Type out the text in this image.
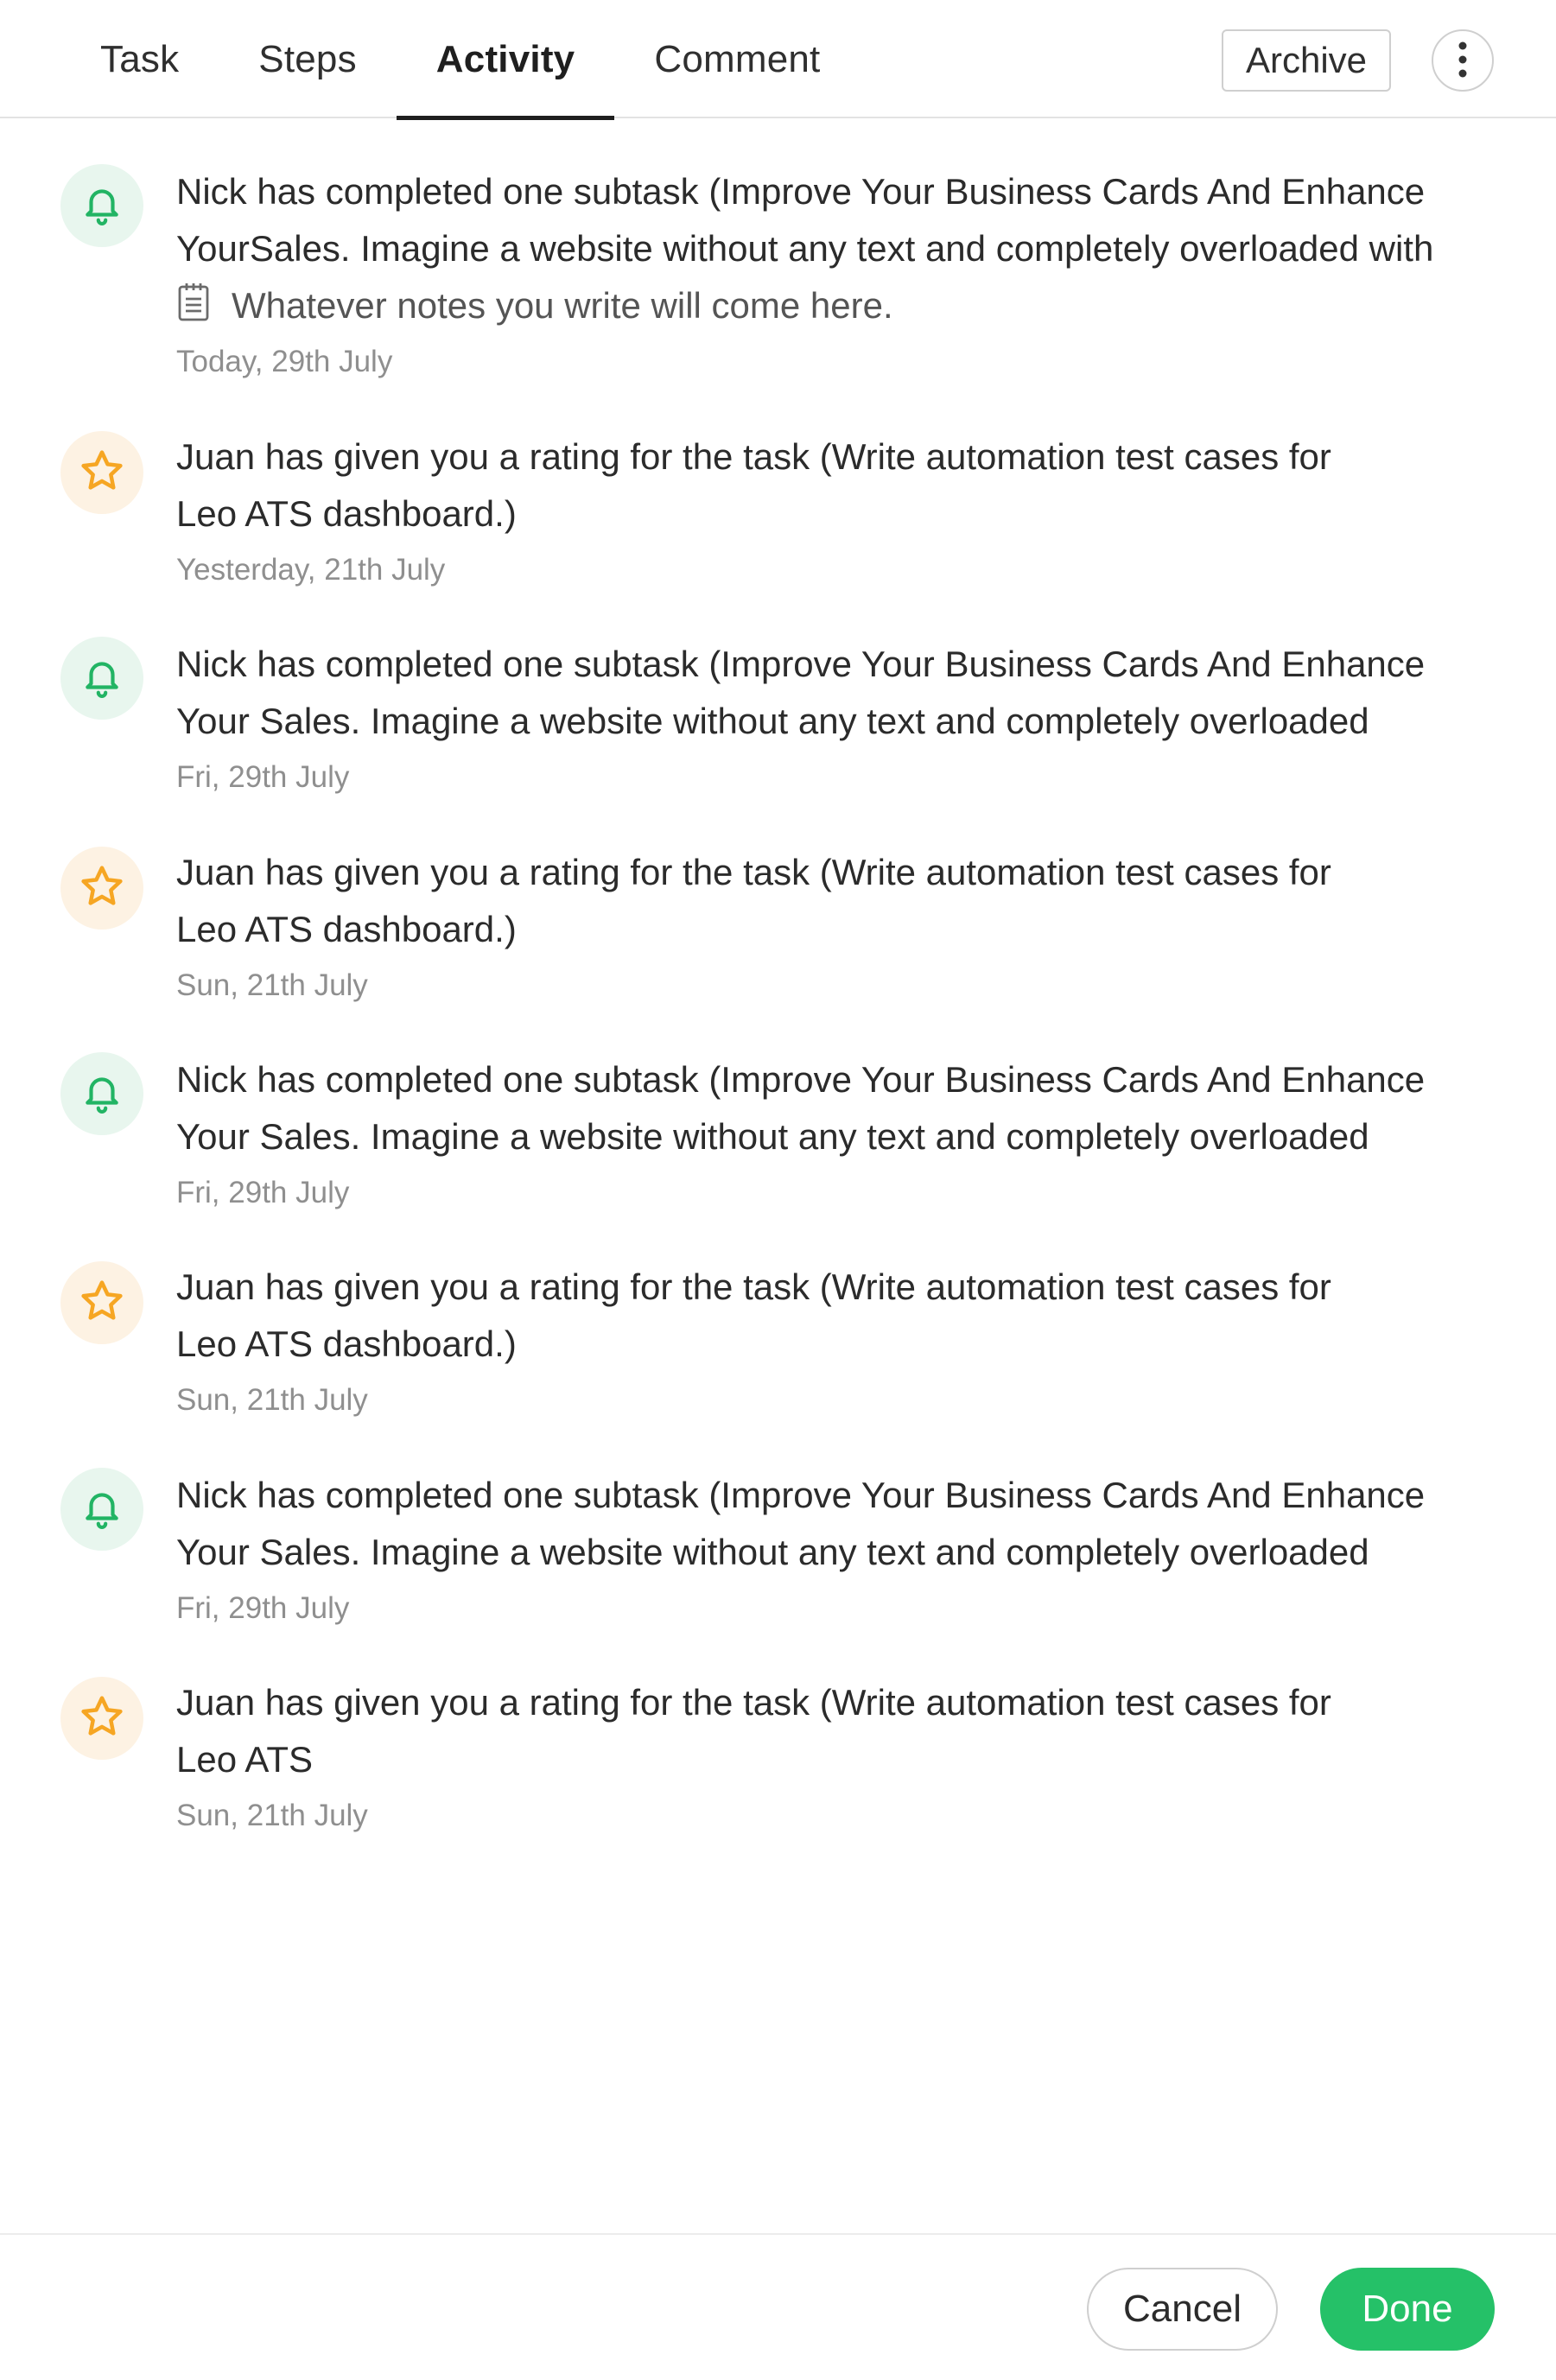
Task	Steps	Activity	Comment	Archive
Nick has completed one subtask (Improve Your Business Cards And Enhance
YourSales. Imagine a website without any text and completely overloaded with
Whatever notes you write will come here.
Today, 29th July
Juan has given you a rating for the task (Write automation test cases for
Leo ATS dashboard.)
Yesterday, 21th July
Nick has completed one subtask (Improve Your Business Cards And Enhance
Your Sales. Imagine a website without any text and completely overloaded
Fri, 29th July
Juan has given you a rating for the task (Write automation test cases for
Leo ATS dashboard.)
Sun, 21th July
Nick has completed one subtask (Improve Your Business Cards And Enhance
Your Sales. Imagine a website without any text and completely overloaded
Fri, 29th July
Juan has given you a rating for the task (Write automation test cases for
Leo ATS dashboard.)
Sun, 21th July
Nick has completed one subtask (Improve Your Business Cards And Enhance
Your Sales. Imagine a website without any text and completely overloaded
Fri, 29th July
Juan has given you a rating for the task (Write automation test cases for
Leo ATS
Sun, 21th July
Cancel	Done
